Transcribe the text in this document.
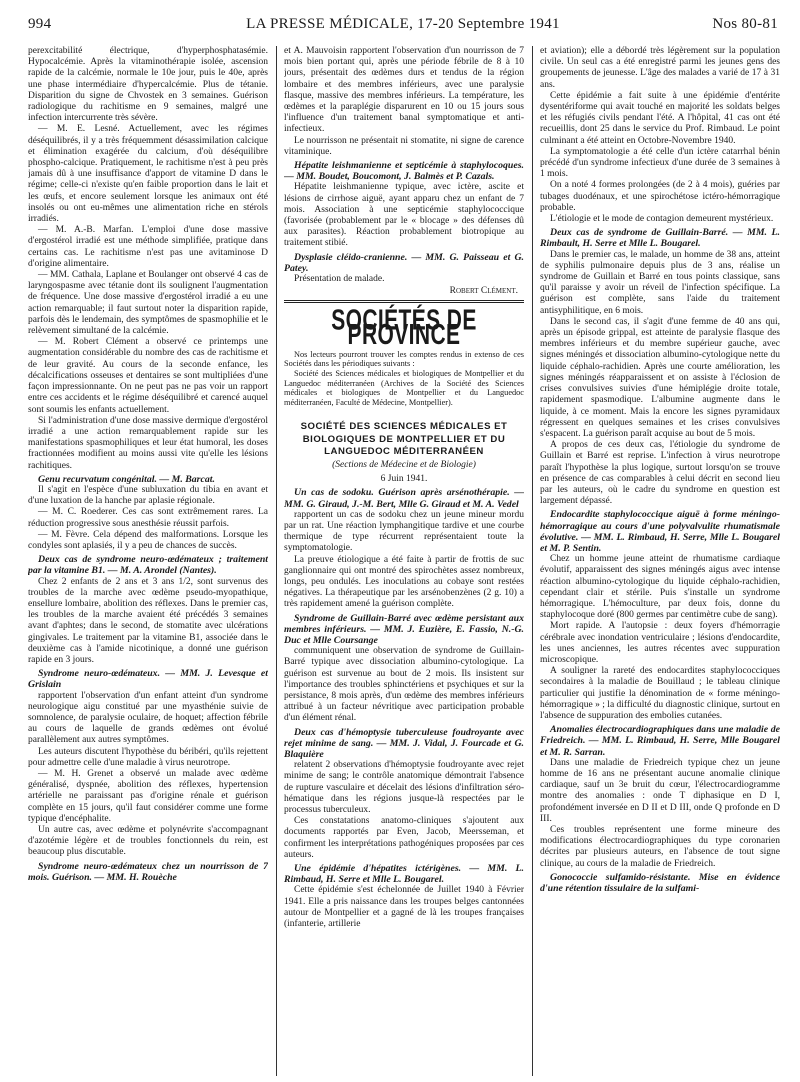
994	LA PRESSE MÉDICALE, 17-20 Septembre 1941	Nos 80-81

perexcitabilité électrique, d'hyperphosphatasémie. Hypocalcémie. Après la vitaminothérapie isolée, ascension rapide de la calcémie, normale le 10e jour, puis le 40e, après une phase intermédiaire d'hypercalcémie. Plus de tétanie. Disparition du signe de Chvostek en 3 semaines. Guérison radiologique du rachitisme en 9 semaines, malgré une infection intercurrente très sévère.

— M. E. Lesné. Actuellement, avec les régimes déséquilibrés, il y a très fréquemment désassimilation calcique et élimination exagérée du calcium, d'où déséquilibre phospho-calcique. Pratiquement, le rachitisme n'est à peu près jamais dû à une insuffisance d'apport de vitamine D dans le régime; celle-ci n'existe qu'en faible proportion dans le lait et les œufs, et encore seulement lorsque les animaux ont été insolés ou ont eu-mêmes une alimentation riche en stérols irradiés.

— M. A.-B. Marfan. L'emploi d'une dose massive d'ergostérol irradié est une méthode simplifiée, pratique dans certains cas. Le rachitisme n'est pas une avitaminose D d'origine alimentaire.

— MM. Cathala, Laplane et Boulanger ont observé 4 cas de laryngospasme avec tétanie dont ils soulignent l'augmentation de fréquence. Une dose massive d'ergostérol irradié a eu une action remarquable; il faut surtout noter la disparition rapide, parfois dès le lendemain, des symptômes de spasmophilie et le relèvement simultané de la calcémie.

— M. Robert Clément a observé ce printemps une augmentation considérable du nombre des cas de rachitisme et de leur gravité. Au cours de la seconde enfance, les décalcifications osseuses et dentaires se sont multipliées d'une façon impressionnante. On ne peut pas ne pas voir un rapport entre ces accidents et le régime déséquilibré et carencé auquel sont soumis les enfants actuellement.

Si l'administration d'une dose massive dermique d'ergostérol irradié a une action remarquablement rapide sur les manifestations spasmophiliques et leur état humoral, les doses fractionnées modifient au moins aussi vite qu'elle les lésions rachitiques.

Genu recurvatum congénital. — M. Barcat.

Il s'agit en l'espèce d'une subluxation du tibia en avant et d'une luxation de la hanche par aplasie régionale.

— M. C. Roederer. Ces cas sont extrêmement rares. La réduction progressive sous anesthésie réussit parfois.

— M. Fèvre. Cela dépend des malformations. Lorsque les condyles sont aplasiés, il y a peu de chances de succès.

Deux cas de syndrome neuro-œdémateux ; traitement par la vitamine B1. — M. A. Arondel (Nantes).

Chez 2 enfants de 2 ans et 3 ans 1/2, sont survenus des troubles de la marche avec œdème pseudo-myopathique, ensellure lombaire, abolition des réflexes. Dans le premier cas, les troubles de la marche avaient été précédés 3 semaines avant d'aphtes; dans le second, de stomatite avec ulcérations gingivales. Le traitement par la vitamine B1, associée dans le deuxième cas à l'amide nicotinique, a donné une guérison rapide en 3 jours.

Syndrome neuro-œdémateux. — MM. J. Levesque et Grislain

rapportent l'observation d'un enfant atteint d'un syndrome neurologique aigu constitué par une myasthénie suivie de somnolence, de paralysie oculaire, de hoquet; affection fébrile au cours de laquelle de grands œdèmes ont évolué parallèlement aux autres symptômes.

Les auteurs discutent l'hypothèse du béribéri, qu'ils rejettent pour admettre celle d'une maladie à virus neurotrope.

— M. H. Grenet a observé un malade avec œdème généralisé, dyspnée, abolition des réflexes, hypertension artérielle ne paraissant pas d'origine rénale et guérison complète en 15 jours, qu'il faut considérer comme une forme typique d'encéphalite.

Un autre cas, avec œdème et polynévrite s'accompagnant d'azotémie légère et de troubles fonctionnels du rein, est beaucoup plus discutable.

Syndrome neuro-œdémateux chez un nourrisson de 7 mois. Guérison. — MM. H. Rouèche

et A. Mauvoisin rapportent l'observation d'un nourrisson de 7 mois bien portant qui, après une période fébrile de 8 à 10 jours, présentait des œdèmes durs et tendus de la région lombaire et des membres inférieurs, avec une paralysie flasque, massive des membres inférieurs. La température, les œdèmes et la paraplégie disparurent en 10 ou 15 jours sous l'influence d'un traitement banal symptomatique et anti-infectieux.

Le nourrisson ne présentait ni stomatite, ni signe de carence vitaminique.

Hépatite leishmanienne et septicémie à staphylocoques. — MM. Boudet, Boucomont, J. Balmès et P. Cazals.

Hépatite leishmanienne typique, avec ictère, ascite et lésions de cirrhose aiguë, ayant apparu chez un enfant de 7 mois. Association à une septicémie staphylococcique (favorisée (probablement par le « blocage » des défenses dû aux parasites). Réaction probablement biotropique au traitement stibié.

Dysplasie cléido-cranienne. — MM. G. Paisseau et G. Patey.

Présentation de malade.

Robert Clément.

SOCIÉTÉS DE PROVINCE

Nos lecteurs pourront trouver les comptes rendus in extenso de ces Sociétés dans les périodiques suivants :

Société des Sciences médicales et biologiques de Montpellier et du Languedoc méditerranéen (Archives de la Société des Sciences médicales et biologiques de Montpellier et du Languedoc méditerranéen, Faculté de Médecine, Montpellier).

SOCIÉTÉ DES SCIENCES MÉDICALES ET BIOLOGIQUES DE MONTPELLIER ET DU LANGUEDOC MÉDITERRANÉEN
(Sections de Médecine et de Biologie)
6 Juin 1941.
Un cas de sodoku. Guérison après arsénothérapie. — MM. G. Giraud, J.-M. Bert, Mlle G. Giraud et M. A. Vedel

rapportent un cas de sodoku chez un jeune mineur mordu par un rat. Une réaction lymphangitique tardive et une courbe thermique de type récurrent représentaient toute la symptomatologie.

La preuve étiologique a été faite à partir de frottis de suc ganglionnaire qui ont montré des spirochètes assez nombreux, longs, peu ondulés. Les inoculations au cobaye sont restées négatives. La thérapeutique par les arsénobenzènes (2 g. 10) a très rapidement amené la guérison complète.

Syndrome de Guillain-Barré avec œdème persistant aux membres inférieurs. — MM. J. Euzière, E. Fassio, N.-G. Duc et Mlle Coursange

communiquent une observation de syndrome de Guillain-Barré typique avec dissociation albumino-cytologique. La guérison est survenue au bout de 2 mois. Ils insistent sur l'importance des troubles sphinctériens et psychiques et sur la persistance, 8 mois après, d'un œdème des membres inférieurs attribué à un facteur névritique avec participation probable d'un élément rénal.

Deux cas d'hémoptysie tuberculeuse foudroyante avec rejet minime de sang. — MM. J. Vidal, J. Fourcade et G. Blaquière

relatent 2 observations d'hémoptysie foudroyante avec rejet minime de sang; le contrôle anatomique démontrait l'absence de rupture vasculaire et décelait des lésions d'infiltration séro-hématique dans les régions jusque-là respectées par le processus tuberculeux.

Ces constatations anatomo-cliniques s'ajoutent aux documents rapportés par Even, Jacob, Meersseman, et confirment les interprétations pathogéniques proposées par ces auteurs.

Une épidémie d'hépatites ictérigènes. — MM. L. Rimbaud, H. Serre et Mlle L. Bougarel.

Cette épidémie s'est échelonnée de Juillet 1940 à Février 1941. Elle a pris naissance dans les troupes belges cantonnées autour de Montpellier et a gagné de là les troupes françaises (infanterie, artillerie

et aviation); elle a débordé très légèrement sur la population civile. Un seul cas a été enregistré parmi les jeunes gens des groupements de jeunesse. L'âge des malades a varié de 17 à 31 ans.

Cette épidémie a fait suite à une épidémie d'entérite dysentériforme qui avait touché en majorité les soldats belges et les réfugiés civils pendant l'été. A l'hôpital, 41 cas ont été recueillis, dont 25 dans le service du Prof. Rimbaud. Le point culminant a été atteint en Octobre-Novembre 1940.

La symptomatologie a été celle d'un ictère catarrhal bénin précédé d'un syndrome infectieux d'une durée de 3 semaines à 1 mois.

On a noté 4 formes prolongées (de 2 à 4 mois), guéries par tubages duodénaux, et une spirochétose ictéro-hémorragique probable.

L'étiologie et le mode de contagion demeurent mystérieux.

Deux cas de syndrome de Guillain-Barré. — MM. L. Rimbault, H. Serre et Mlle L. Bougarel.

Dans le premier cas, le malade, un homme de 38 ans, atteint de syphilis pulmonaire depuis plus de 3 ans, réalise un syndrome de Guillain et Barré en tous points classique, sans qu'il paraisse y avoir un réveil de l'infection spécifique. La guérison est complète, sans l'aide du traitement antisyphilitique, en 6 mois.

Dans le second cas, il s'agit d'une femme de 40 ans qui, après un épisode grippal, est atteinte de paralysie flasque des membres inférieurs et du membre supérieur gauche, avec signes méningés et dissociation albumino-cytologique nette du liquide céphalo-rachidien. Après une courte amélioration, les signes méningés réapparaissent et on assiste à l'éclosion de crises convulsives suivies d'une hémiplégie droite totale, rapidement spasmodique. L'albumine augmente dans le liquide, à ce moment. Mais la encore les signes pyramidaux régressent en quelques semaines et les crises convulsives s'espacent. La guérison paraît acquise au bout de 5 mois.

A propos de ces deux cas, l'étiologie du syndrome de Guillain et Barré est reprise. L'infection à virus neurotrope paraît l'hypothèse la plus logique, surtout lorsqu'on se trouve en présence de cas comparables à celui décrit en second lieu par les auteurs, où le cadre du syndrome en question est largement dépassé.

Endocardite staphylococcique aiguë à forme méningo-hémorragique au cours d'une polyvalvulite rhumatismale évolutive. — MM. L. Rimbaud, H. Serre, Mlle L. Bougarel et M. P. Sentin.

Chez un homme jeune atteint de rhumatisme cardiaque évolutif, apparaissent des signes méningés aigus avec intense réaction albumino-cytologique du liquide céphalo-rachidien, cependant clair et stérile. Puis s'installe un syndrome hémorragique. L'hémoculture, par deux fois, donne du staphylocoque doré (800 germes par centimètre cube de sang).

Mort rapide. A l'autopsie : deux foyers d'hémorragie cérébrale avec inondation ventriculaire ; lésions d'endocardite, les unes anciennes, les autres récentes avec suppuration microscopique.

A souligner la rareté des endocardites staphylococciques secondaires à la maladie de Bouillaud ; le tableau clinique particulier qui justifie la dénomination de « forme méningo-hémorragique » ; la difficulté du diagnostic clinique, surtout en l'absence de suppuration des embolies cutanées.

Anomalies électrocardiographiques dans une maladie de Friedreich. — MM. L. Rimbaud, H. Serre, Mlle Bougarel et M. R. Sarran.

Dans une maladie de Friedreich typique chez un jeune homme de 16 ans ne présentant aucune anomalie clinique cardiaque, sauf un 3e bruit du cœur, l'électrocardiogramme montre des anomalies : onde T diphasique en D I, profondément inversée en D II et D III, onde Q profonde en D III.

Ces troubles représentent une forme mineure des modifications électrocardiographiques du type coronarien décrites par plusieurs auteurs, en l'absence de tout signe clinique, au cours de la maladie de Friedreich.

Gonococcie sulfamido-résistante. Mise en évidence d'une rétention tissulaire de la sulfami-
